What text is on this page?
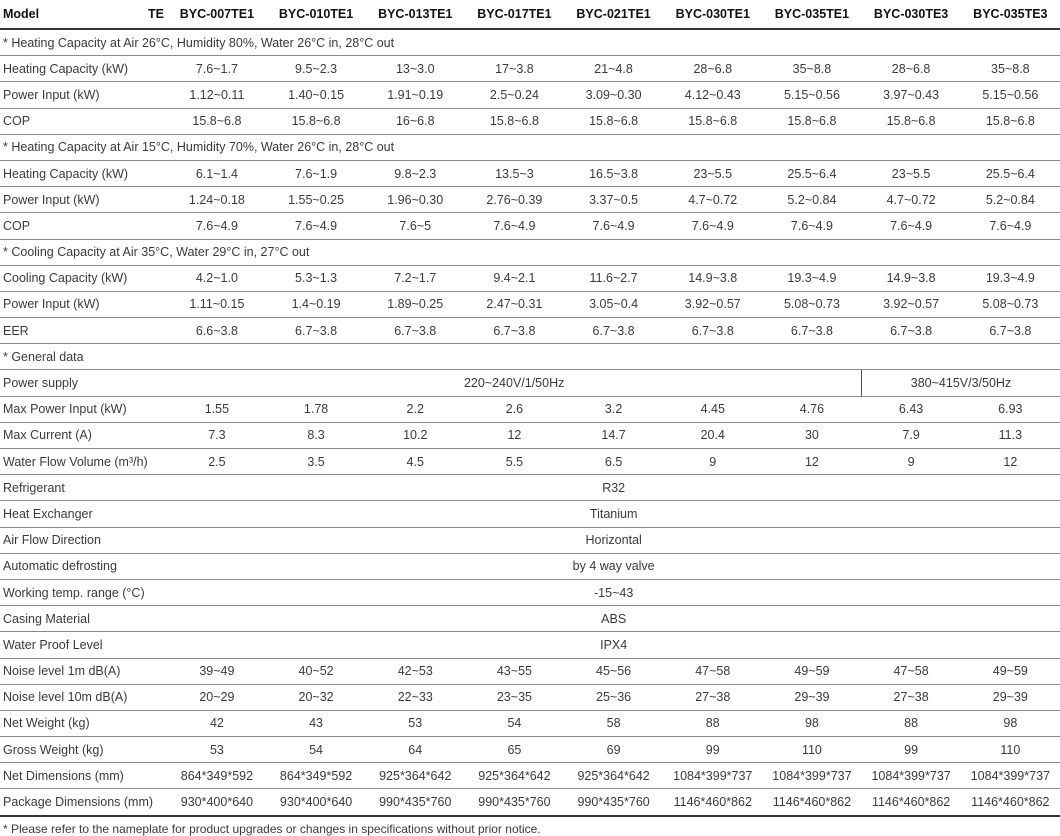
Model TE	BYC-007TE1	BYC-010TE1	BYC-013TE1	BYC-017TE1	BYC-021TE1	BYC-030TE1	BYC-035TE1	BYC-030TE3	BYC-035TE3
* Heating Capacity at Air 26°C, Humidity 80%, Water 26°C in, 28°C out									
Heating Capacity (kW)	7.6~1.7	9.5~2.3	13~3.0	17~3.8	21~4.8	28~6.8	35~8.8	28~6.8	35~8.8
Power Input (kW)	1.12~0.11	1.40~0.15	1.91~0.19	2.5~0.24	3.09~0.30	4.12~0.43	5.15~0.56	3.97~0.43	5.15~0.56
COP	15.8~6.8	15.8~6.8	16~6.8	15.8~6.8	15.8~6.8	15.8~6.8	15.8~6.8	15.8~6.8	15.8~6.8
* Heating Capacity at Air 15°C, Humidity 70%, Water 26°C in, 28°C out									
Heating Capacity (kW)	6.1~1.4	7.6~1.9	9.8~2.3	13.5~3	16.5~3.8	23~5.5	25.5~6.4	23~5.5	25.5~6.4
Power Input (kW)	1.24~0.18	1.55~0.25	1.96~0.30	2.76~0.39	3.37~0.5	4.7~0.72	5.2~0.84	4.7~0.72	5.2~0.84
COP	7.6~4.9	7.6~4.9	7.6~5	7.6~4.9	7.6~4.9	7.6~4.9	7.6~4.9	7.6~4.9	7.6~4.9
* Cooling Capacity at Air 35°C, Water 29°C in, 27°C out									
Cooling Capacity (kW)	4.2~1.0	5.3~1.3	7.2~1.7	9.4~2.1	11.6~2.7	14.9~3.8	19.3~4.9	14.9~3.8	19.3~4.9
Power Input (kW)	1.11~0.15	1.4~0.19	1.89~0.25	2.47~0.31	3.05~0.4	3.92~0.57	5.08~0.73	3.92~0.57	5.08~0.73
EER	6.6~3.8	6.7~3.8	6.7~3.8	6.7~3.8	6.7~3.8	6.7~3.8	6.7~3.8	6.7~3.8	6.7~3.8
* General data									
Power supply	220~240V/1/50Hz							380~415V/3/50Hz	
Max Power Input (kW)	1.55	1.78	2.2	2.6	3.2	4.45	4.76	6.43	6.93
Max Current (A)	7.3	8.3	10.2	12	14.7	20.4	30	7.9	11.3
Water Flow Volume (m³/h)	2.5	3.5	4.5	5.5	6.5	9	12	9	12
Refrigerant	R32								
Heat Exchanger	Titanium								
Air Flow Direction	Horizontal								
Automatic defrosting	by 4 way valve								
Working temp. range (°C)	-15~43								
Casing Material	ABS								
Water Proof Level	IPX4								
Noise level 1m dB(A)	39~49	40~52	42~53	43~55	45~56	47~58	49~59	47~58	49~59
Noise level 10m dB(A)	20~29	20~32	22~33	23~35	25~36	27~38	29~39	27~38	29~39
Net Weight (kg)	42	43	53	54	58	88	98	88	98
Gross Weight (kg)	53	54	64	65	69	99	110	99	110
Net Dimensions (mm)	864*349*592	864*349*592	925*364*642	925*364*642	925*364*642	1084*399*737	1084*399*737	1084*399*737	1084*399*737
Package Dimensions (mm)	930*400*640	930*400*640	990*435*760	990*435*760	990*435*760	1146*460*862	1146*460*862	1146*460*862	1146*460*862
* Please refer to the nameplate for product upgrades or changes in specifications without prior notice.
